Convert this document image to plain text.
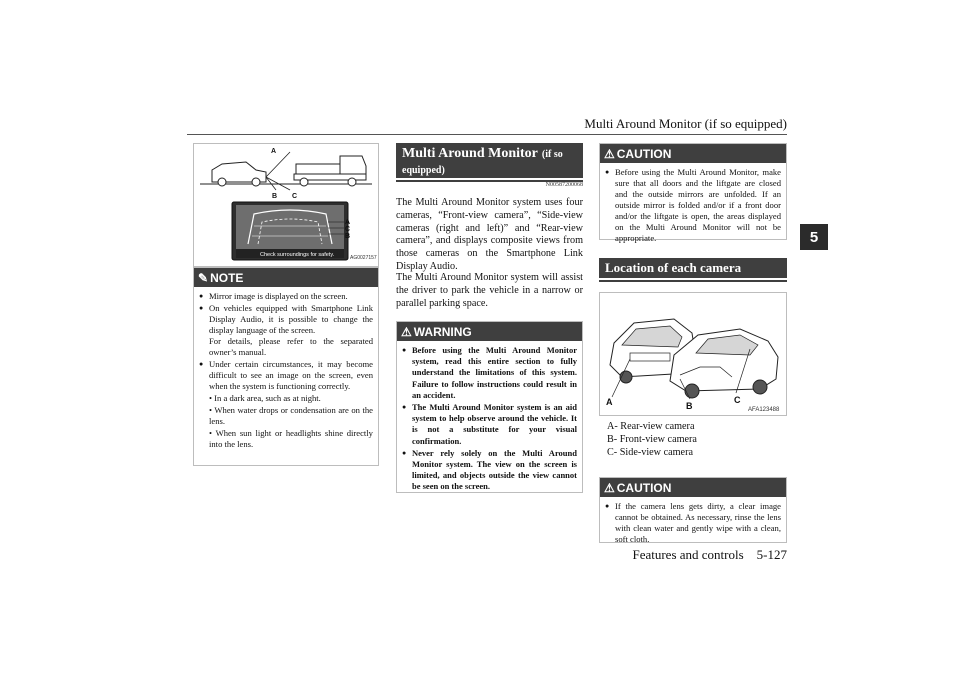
Multi Around Monitor (if so equipped)
5
A
B C
Check surroundings for safety.
A
C
B
AG0027157
✎ NOTE
● Mirror image is displayed on the screen.
● On vehicles equipped with Smartphone Link Display Audio, it is possible to change the display language of the screen.
For details, please refer to the separated owner’s manual.
● Under certain circumstances, it may become difficult to see an image on the screen, even when the system is functioning correctly.
• In a dark area, such as at night.
• When water drops or condensation are on the lens.
• When sun light or headlights shine directly into the lens.
Multi Around Monitor (if so
equipped)
N00587200068
The Multi Around Monitor system uses four cameras, “Front-view camera”, “Side-view cameras (right and left)” and “Rear-view camera”, and displays composite views from those cameras on the Smartphone Link Display Audio.
The Multi Around Monitor system will assist the driver to park the vehicle in a narrow or parallel parking space.
⚠ WARNING
● Before using the Multi Around Monitor system, read this entire section to fully understand the limitations of this system. Failure to follow instructions could result in an accident.
● The Multi Around Monitor system is an aid system to help observe around the vehicle. It is not a substitute for your visual confirmation.
● Never rely solely on the Multi Around Monitor system. The view on the screen is limited, and objects outside the view cannot be seen on the screen.
⚠ CAUTION
● Before using the Multi Around Monitor, make sure that all doors and the liftgate are closed and the outside mirrors are unfolded. If an outside mirror is folded and/or if a front door and/or the liftgate is open, the areas displayed on the Multi Around Monitor will not be appropriate.
Location of each camera
A	B
C
AFA123488
A- Rear-view camera
B- Front-view camera
C- Side-view camera
⚠ CAUTION
● If the camera lens gets dirty, a clear image cannot be obtained. As necessary, rinse the lens with clean water and gently wipe with a clean, soft cloth.
Features and controls    5-127
